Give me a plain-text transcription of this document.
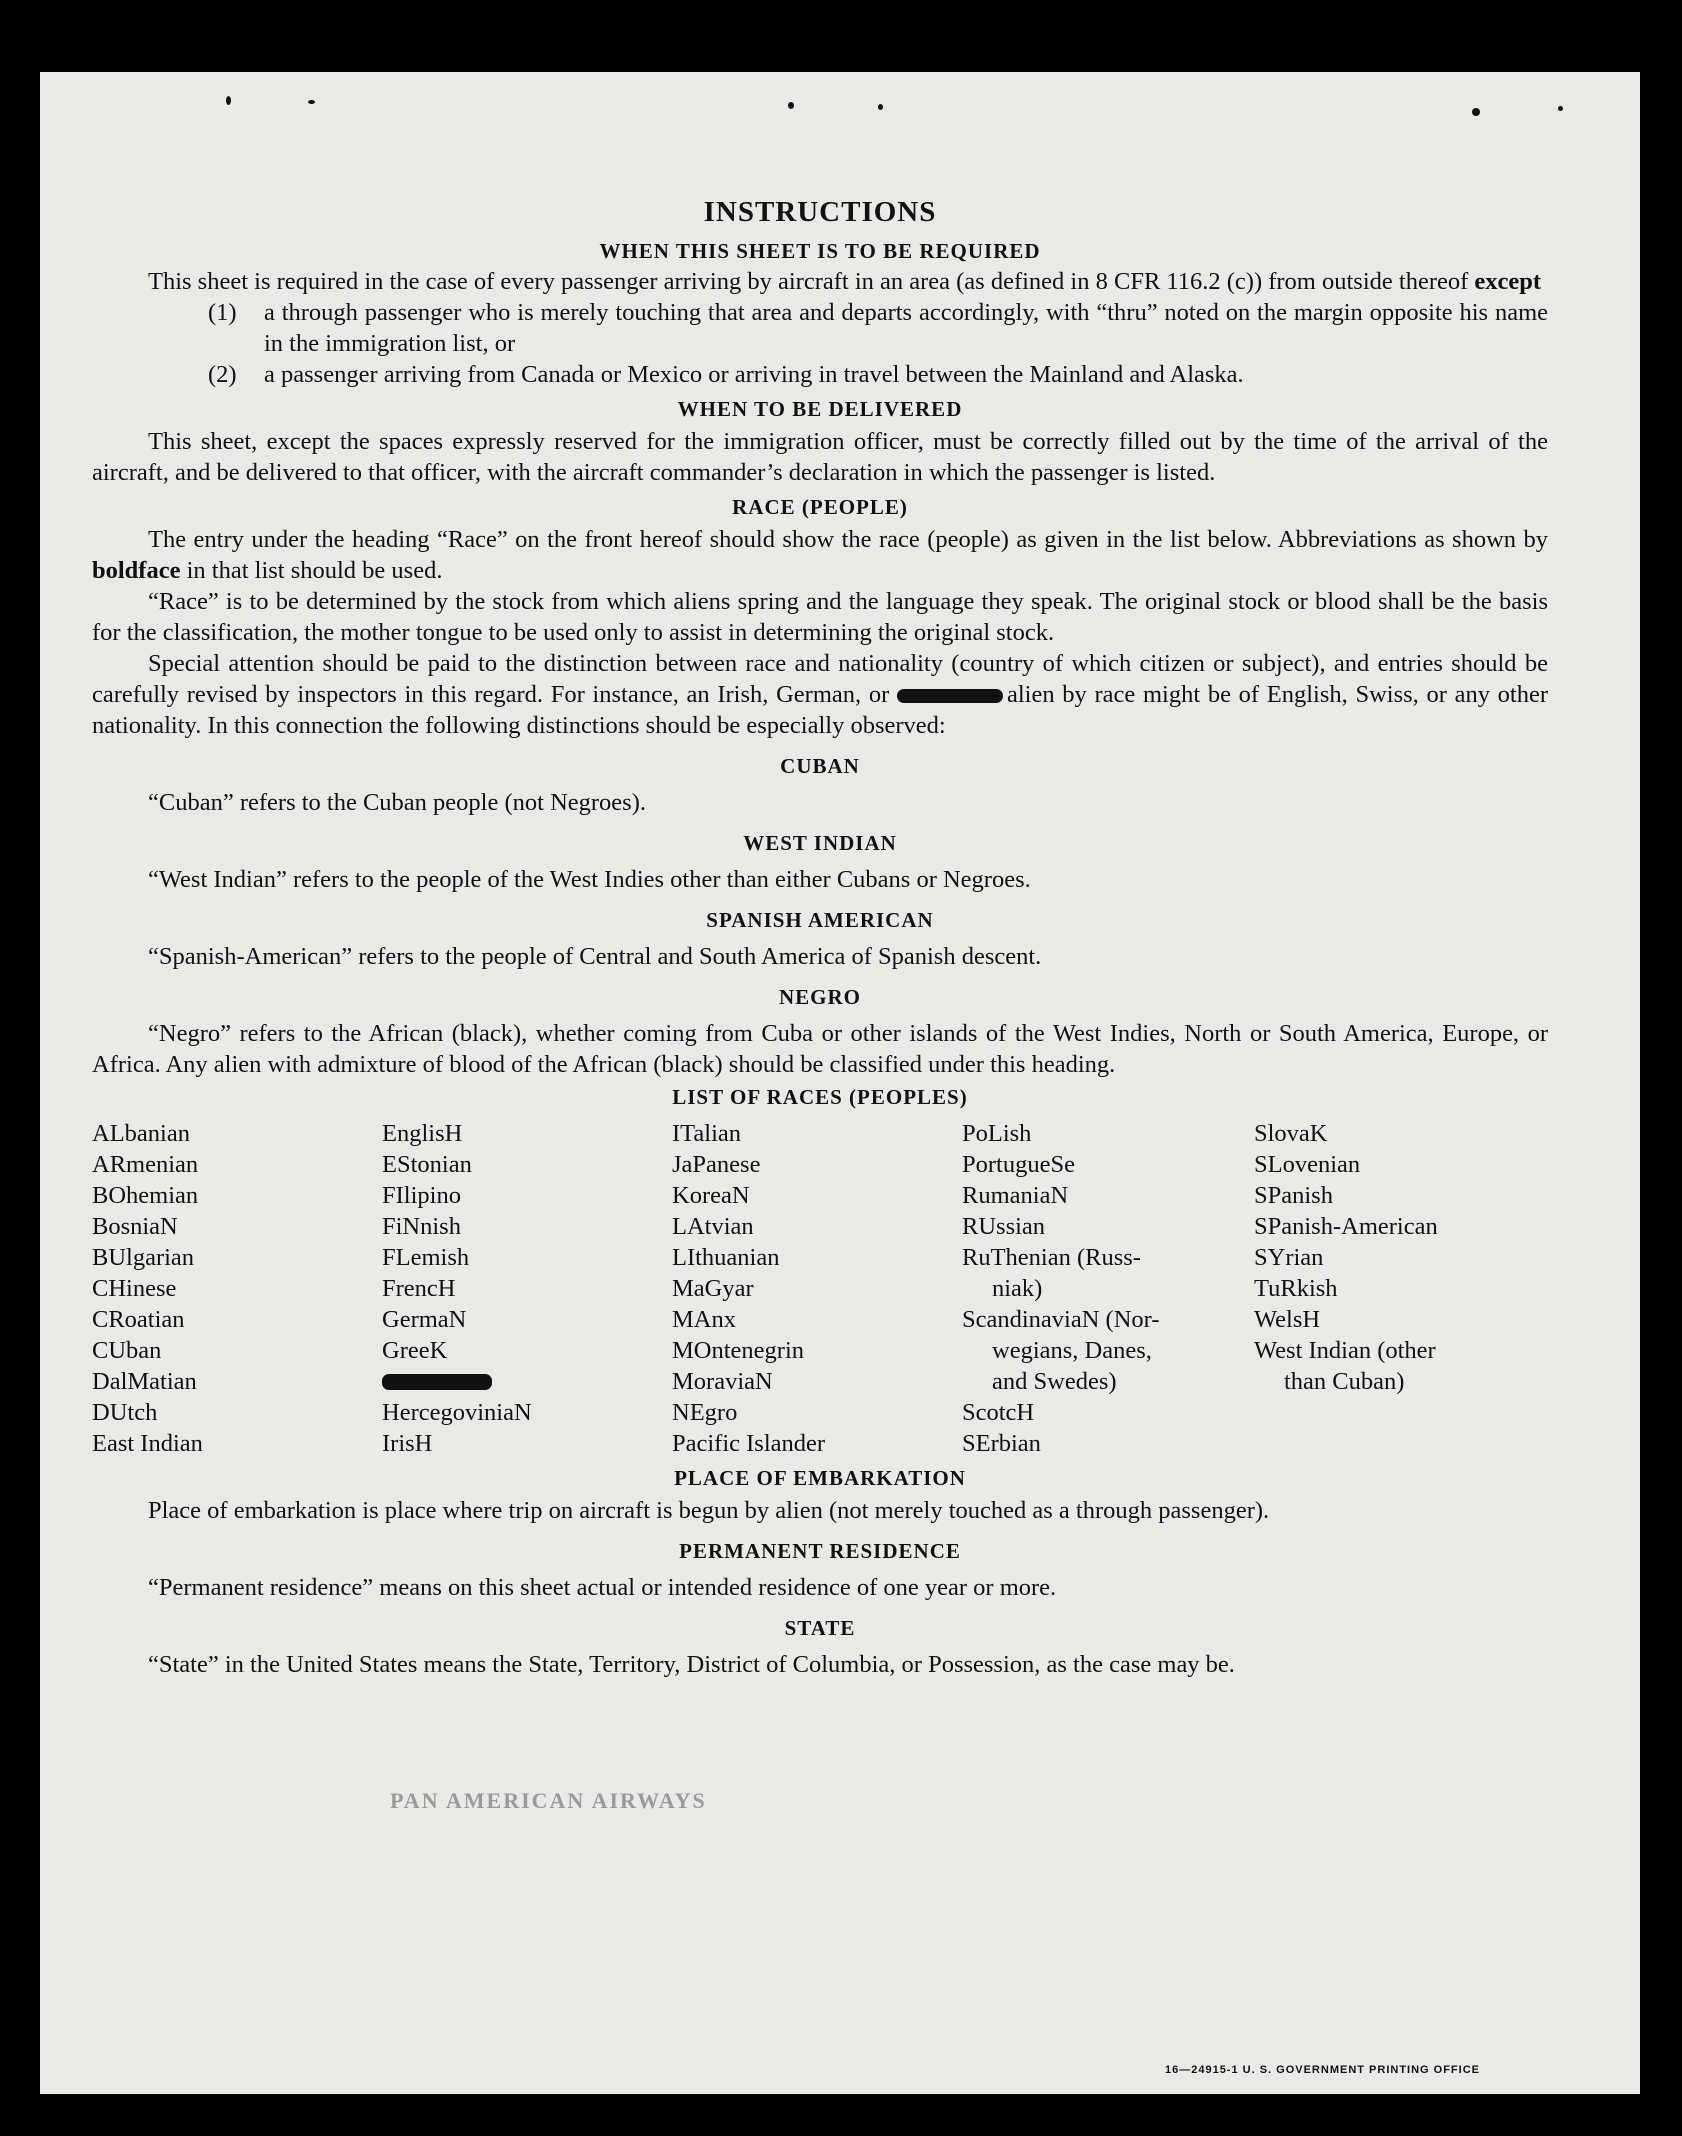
INSTRUCTIONS
WHEN THIS SHEET IS TO BE REQUIRED

This sheet is required in the case of every passenger arriving by aircraft in an area (as defined in 8 CFR 116.2 (c)) from outside thereof except

(1)	a through passenger who is merely touching that area and departs accordingly, with “thru” noted on the margin opposite his name in the immigration list, or
(2)	a passenger arriving from Canada or Mexico or arriving in travel between the Mainland and Alaska.
WHEN TO BE DELIVERED

This sheet, except the spaces expressly reserved for the immigration officer, must be correctly filled out by the time of the arrival of the aircraft, and be delivered to that officer, with the aircraft commander’s declaration in which the passenger is listed.

RACE (PEOPLE)

The entry under the heading “Race” on the front hereof should show the race (people) as given in the list below. Abbreviations as shown by boldface in that list should be used.

“Race” is to be determined by the stock from which aliens spring and the language they speak. The original stock or blood shall be the basis for the classification, the mother tongue to be used only to assist in determining the original stock.

Special attention should be paid to the distinction between race and nationality (country of which citizen or subject), and entries should be carefully revised by inspectors in this regard. For instance, an Irish, German, or	alien by race might be of English, Swiss, or any other nationality. In this connection the following distinctions should be especially observed:

CUBAN

“Cuban” refers to the Cuban people (not Negroes).

WEST INDIAN

“West Indian” refers to the people of the West Indies other than either Cubans or Negroes.

SPANISH AMERICAN

“Spanish-American” refers to the people of Central and South America of Spanish descent.

NEGRO

“Negro” refers to the African (black), whether coming from Cuba or other islands of the West Indies, North or South America, Europe, or Africa. Any alien with admixture of blood of the African (black) should be classified under this heading.

LIST OF RACES (PEOPLES)
ALbanian
ARmenian
BOhemian
BosniaN
BUlgarian
CHinese
CRoatian
CUban
DalMatian
DUtch
East Indian
EnglisH
EStonian
FIlipino
FiNnish
FLemish
FrencH
GermaN
GreeK
HercegoviniaN
IrisH
ITalian
JaPanese
KoreaN
LAtvian
LIthuanian
MaGyar
MAnx
MOntenegrin
MoraviaN
NEgro
Pacific Islander
PoLish
PortugueSe
RumaniaN
RUssian
RuThenian (Russ-
niak)
ScandinaviaN (Nor-
wegians, Danes,
and Swedes)
ScotcH
SErbian
SlovaK
SLovenian
SPanish
SPanish-American
SYrian
TuRkish
WelsH
West Indian (other
than Cuban)
PLACE OF EMBARKATION

Place of embarkation is place where trip on aircraft is begun by alien (not merely touched as a through passenger).

PERMANENT RESIDENCE

“Permanent residence” means on this sheet actual or intended residence of one year or more.

STATE

“State” in the United States means the State, Territory, District of Columbia, or Possession, as the case may be.

PAN AMERICAN AIRWAYS
16—24915-1 U. S. GOVERNMENT PRINTING OFFICE
